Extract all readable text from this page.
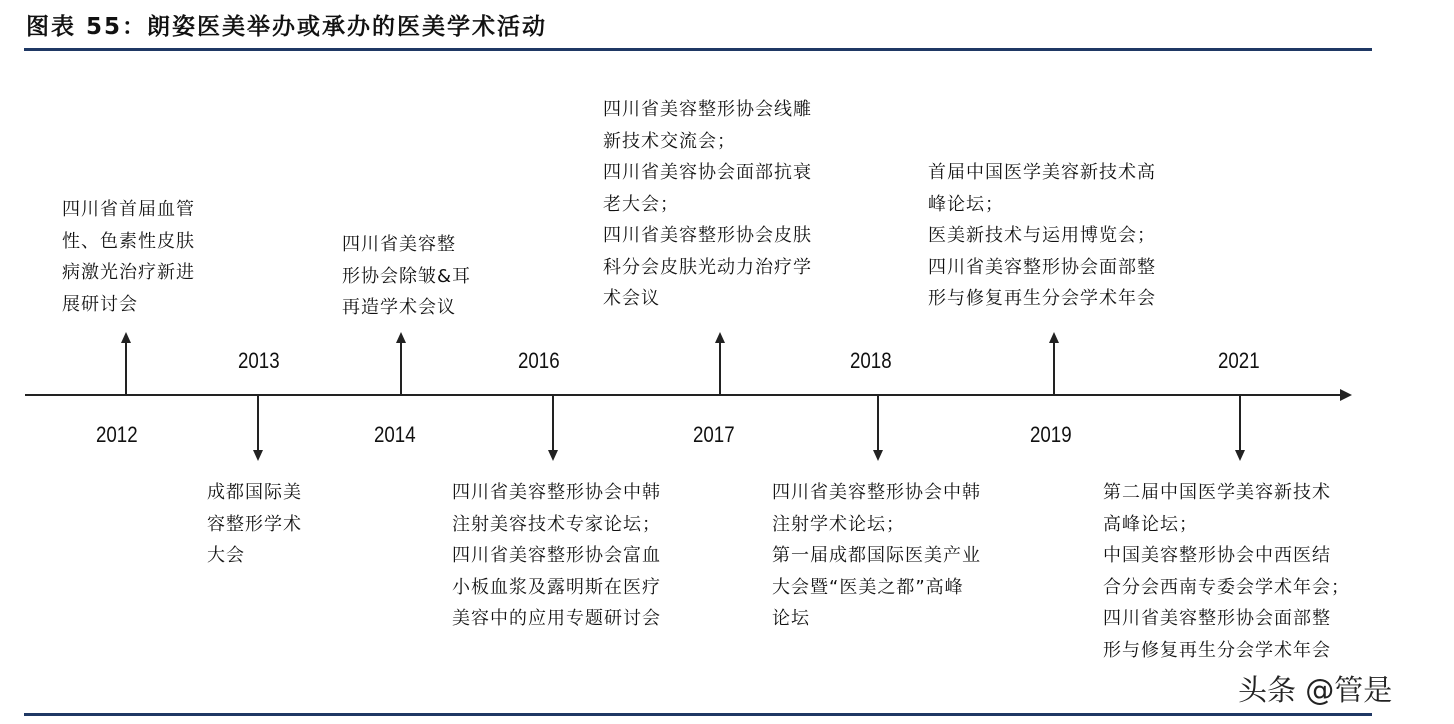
图表 55：朗姿医美举办或承办的医美学术活动
2012
四川省首届血管
性、色素性皮肤
病激光治疗新进
展研讨会
2013
成都国际美
容整形学术
大会
2014
四川省美容整
形协会除皱&耳
再造学术会议
2016
四川省美容整形协会中韩
注射美容技术专家论坛；
四川省美容整形协会富血
小板血浆及露明斯在医疗
美容中的应用专题研讨会
2017
四川省美容整形协会线雕
新技术交流会；
四川省美容协会面部抗衰
老大会；
四川省美容整形协会皮肤
科分会皮肤光动力治疗学
术会议
2018
四川省美容整形协会中韩
注射学术论坛；
第一届成都国际医美产业
大会暨“医美之都”高峰
论坛
2019
首届中国医学美容新技术高
峰论坛；
医美新技术与运用博览会；
四川省美容整形协会面部整
形与修复再生分会学术年会
2021
第二届中国医学美容新技术
高峰论坛；
中国美容整形协会中西医结
合分会西南专委会学术年会；
四川省美容整形协会面部整
形与修复再生分会学术年会
头条 @管是
